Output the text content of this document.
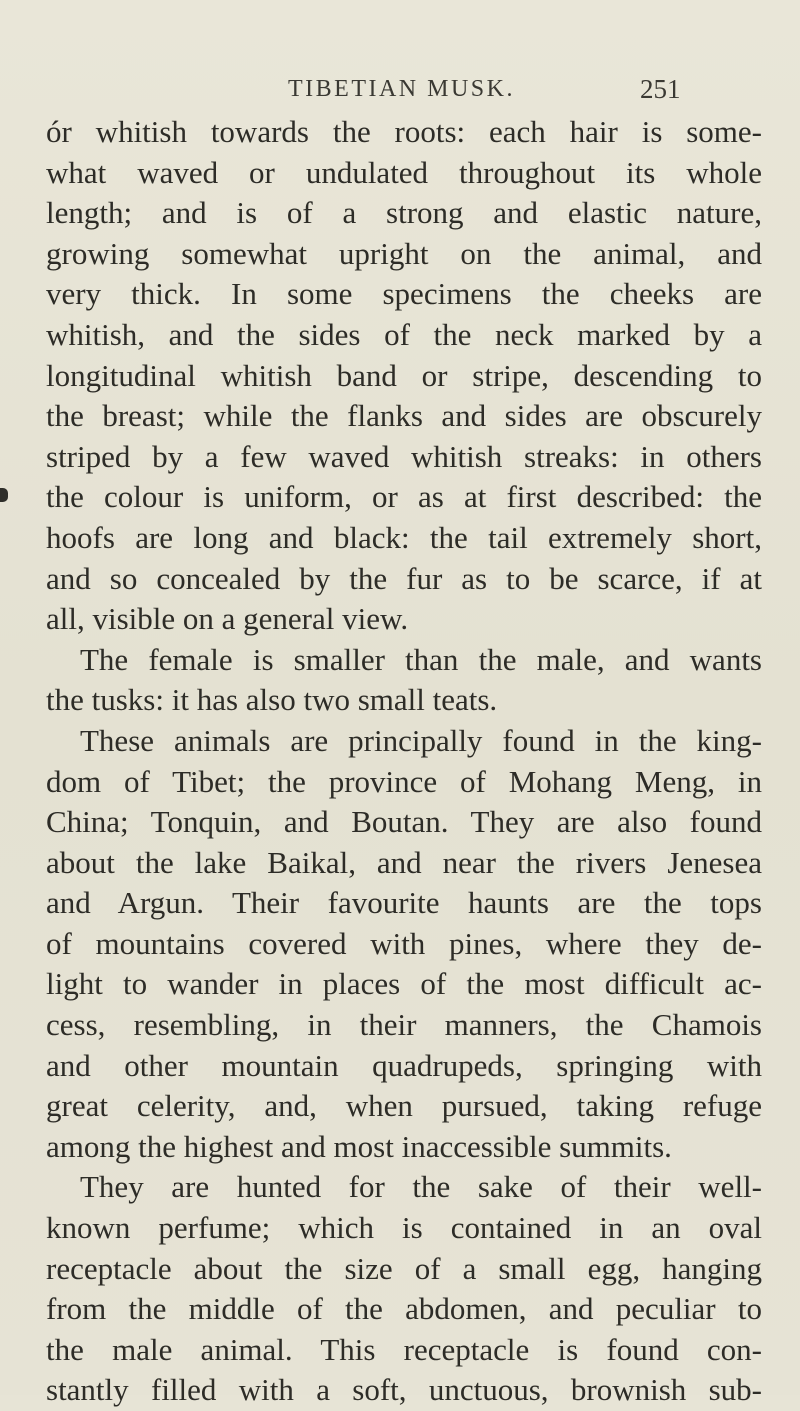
TIBETIAN MUSK.	251
ór whitish towards the roots: each hair is some-
what waved or undulated throughout its whole
length; and is of a strong and elastic nature,
growing somewhat upright on the animal, and
very thick. In some specimens the cheeks are
whitish, and the sides of the neck marked by a
longitudinal whitish band or stripe, descending to
the breast; while the flanks and sides are obscurely
striped by a few waved whitish streaks: in others
the colour is uniform, or as at first described: the
hoofs are long and black: the tail extremely short,
and so concealed by the fur as to be scarce, if at
all, visible on a general view.
The female is smaller than the male, and wants
the tusks: it has also two small teats.
These animals are principally found in the king-
dom of Tibet; the province of Mohang Meng, in
China; Tonquin, and Boutan. They are also found
about the lake Baikal, and near the rivers Jenesea
and Argun. Their favourite haunts are the tops
of mountains covered with pines, where they de-
light to wander in places of the most difficult ac-
cess, resembling, in their manners, the Chamois
and other mountain quadrupeds, springing with
great celerity, and, when pursued, taking refuge
among the highest and most inaccessible summits.
They are hunted for the sake of their well-
known perfume; which is contained in an oval
receptacle about the size of a small egg, hanging
from the middle of the abdomen, and peculiar to
the male animal. This receptacle is found con-
stantly filled with a soft, unctuous, brownish sub-
